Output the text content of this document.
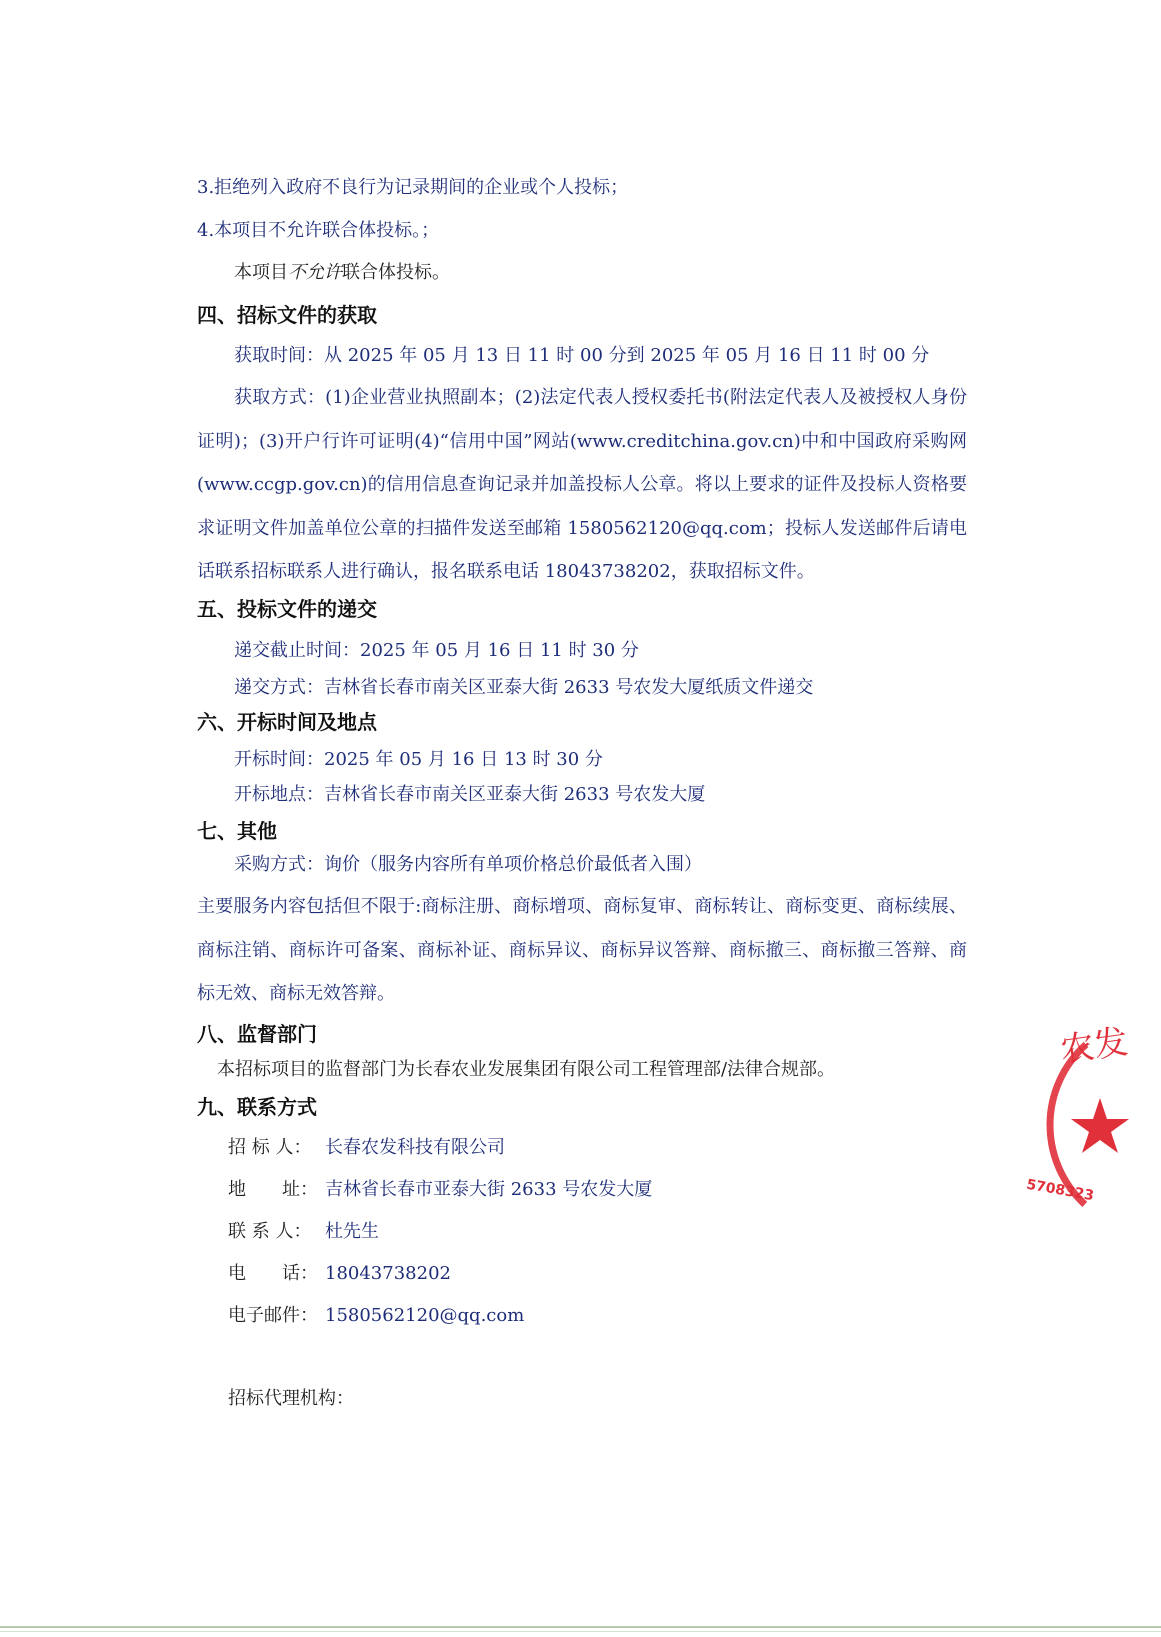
3.拒绝列入政府不良行为记录期间的企业或个人投标；
4.本项目不允许联合体投标。；
本项目不允许联合体投标。
四、招标文件的获取
获取时间：从 2025 年 05 月 13 日 11 时 00 分到 2025 年 05 月 16 日 11 时 00 分
获取方式：(1)企业营业执照副本；(2)法定代表人授权委托书(附法定代表人及被授权人身份证明)；(3)开户行许可证明(4)“信用中国”网站(www.creditchina.gov.cn)中和中国政府采购网(www.ccgp.gov.cn)的信用信息查询记录并加盖投标人公章。将以上要求的证件及投标人资格要求证明文件加盖单位公章的扫描件发送至邮箱 1580562120@qq.com；投标人发送邮件后请电话联系招标联系人进行确认，报名联系电话 18043738202，获取招标文件。
五、投标文件的递交
递交截止时间：2025 年 05 月 16 日 11 时 30 分
递交方式：吉林省长春市南关区亚泰大街 2633 号农发大厦纸质文件递交
六、开标时间及地点
开标时间：2025 年 05 月 16 日 13 时 30 分
开标地点：吉林省长春市南关区亚泰大街 2633 号农发大厦
七、其他
采购方式：询价（服务内容所有单项价格总价最低者入围）
主要服务内容包括但不限于:商标注册、商标增项、商标复审、商标转让、商标变更、商标续展、商标注销、商标许可备案、商标补证、商标异议、商标异议答辩、商标撤三、商标撤三答辩、商标无效、商标无效答辩。
八、监督部门
本招标项目的监督部门为长春农业发展集团有限公司工程管理部/法律合规部。
九、联系方式
招 标 人： 长春农发科技有限公司
地　　址： 吉林省长春市亚泰大街 2633 号农发大厦
联 系 人： 杜先生
电　　话： 18043738202
电子邮件： 1580562120@qq.com
招标代理机构：
农发
5708323
